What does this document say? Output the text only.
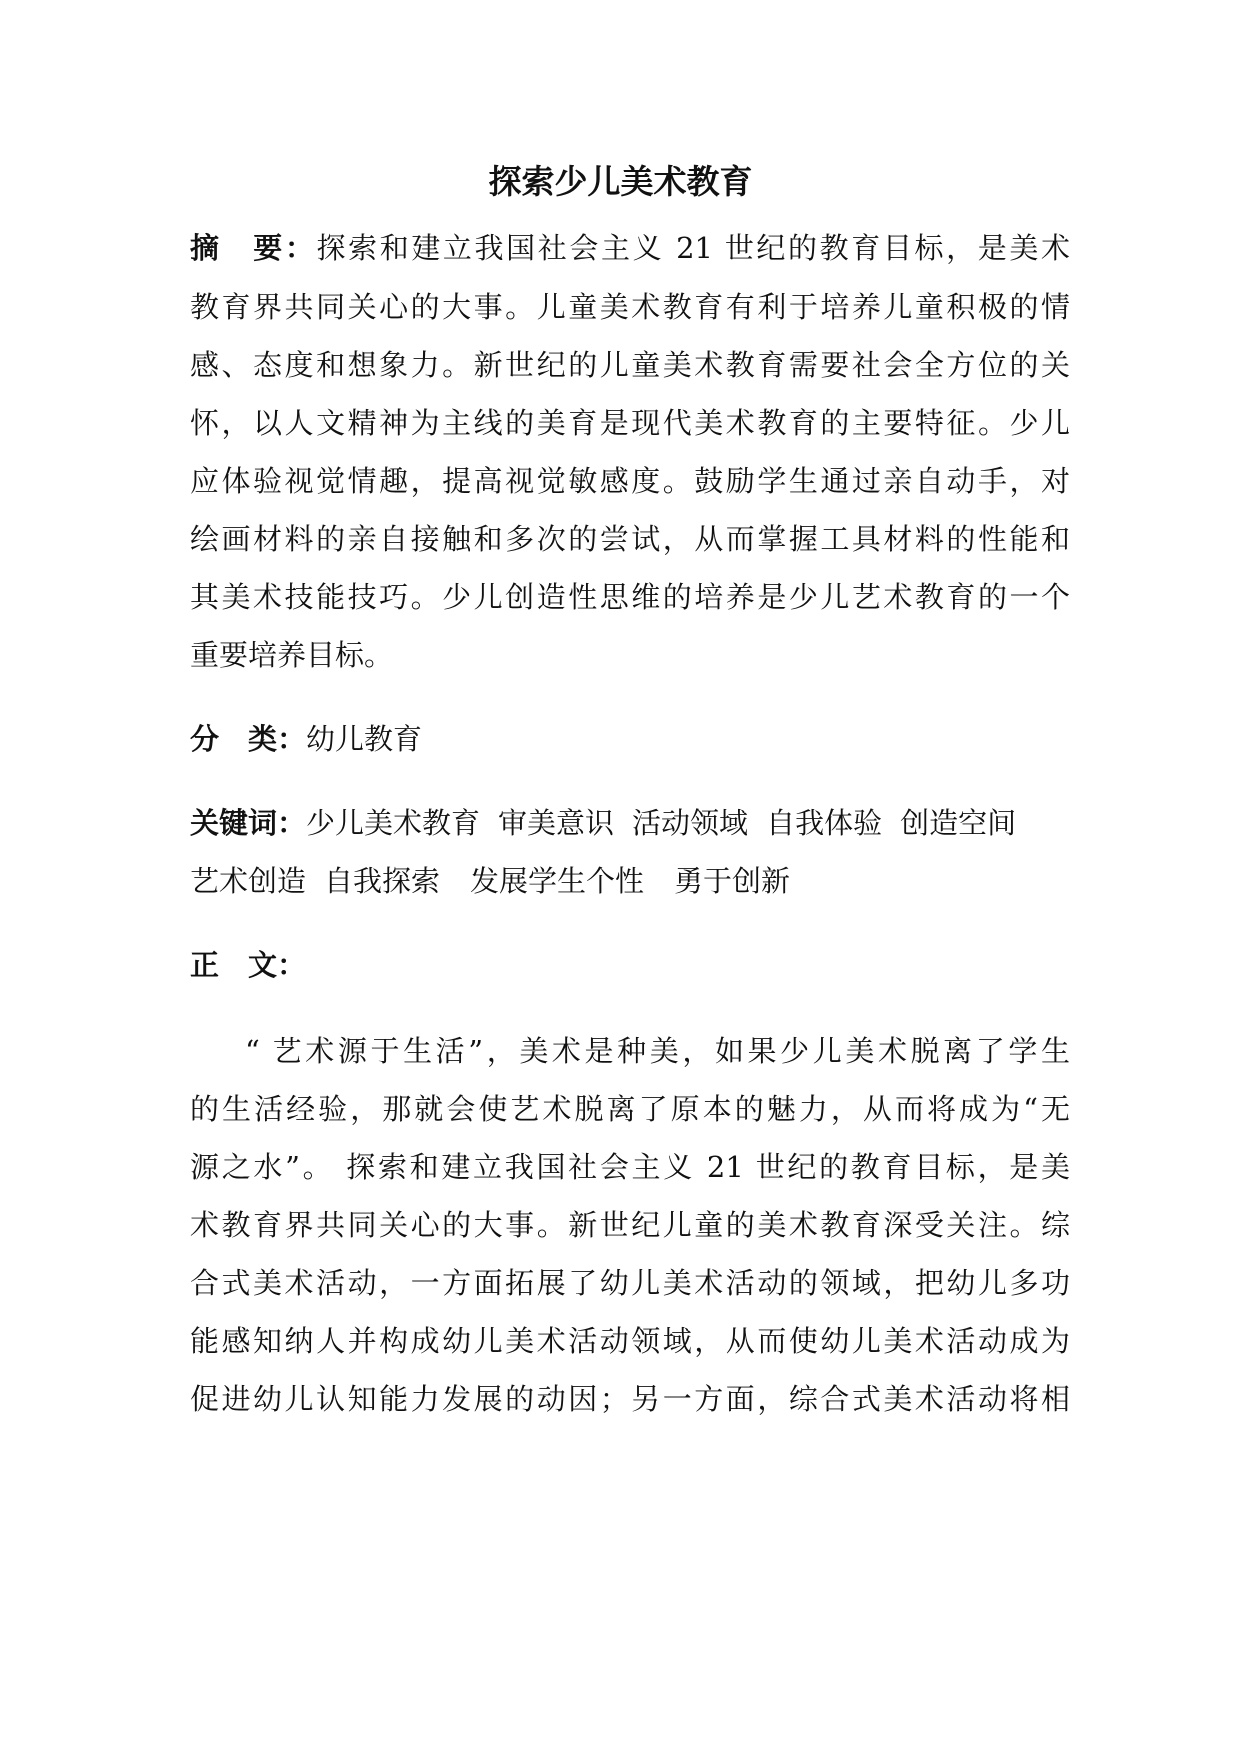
探索少儿美术教育
摘　要：探索和建立我国社会主义 21 世纪的教育目标，是美术
教育界共同关心的大事。儿童美术教育有利于培养儿童积极的情
感、态度和想象力。新世纪的儿童美术教育需要社会全方位的关
怀，以人文精神为主线的美育是现代美术教育的主要特征。少儿
应体验视觉情趣，提高视觉敏感度。鼓励学生通过亲自动手，对
绘画材料的亲自接触和多次的尝试，从而掌握工具材料的性能和
其美术技能技巧。少儿创造性思维的培养是少儿艺术教育的一个
重要培养目标。
分　类：幼儿教育
关键词：少儿美术教育 审美意识 活动领域 自我体验 创造空间
艺术创造 自我探索 发展学生个性 勇于创新
正　文：
“ 艺术源于生活”，美术是种美，如果少儿美术脱离了学生
的生活经验，那就会使艺术脱离了原本的魅力，从而将成为“无
源之水”。 探索和建立我国社会主义 21 世纪的教育目标，是美
术教育界共同关心的大事。新世纪儿童的美术教育深受关注。综
合式美术活动，一方面拓展了幼儿美术活动的领域，把幼儿多功
能感知纳人并构成幼儿美术活动领域，从而使幼儿美术活动成为
促进幼儿认知能力发展的动因；另一方面，综合式美术活动将相
